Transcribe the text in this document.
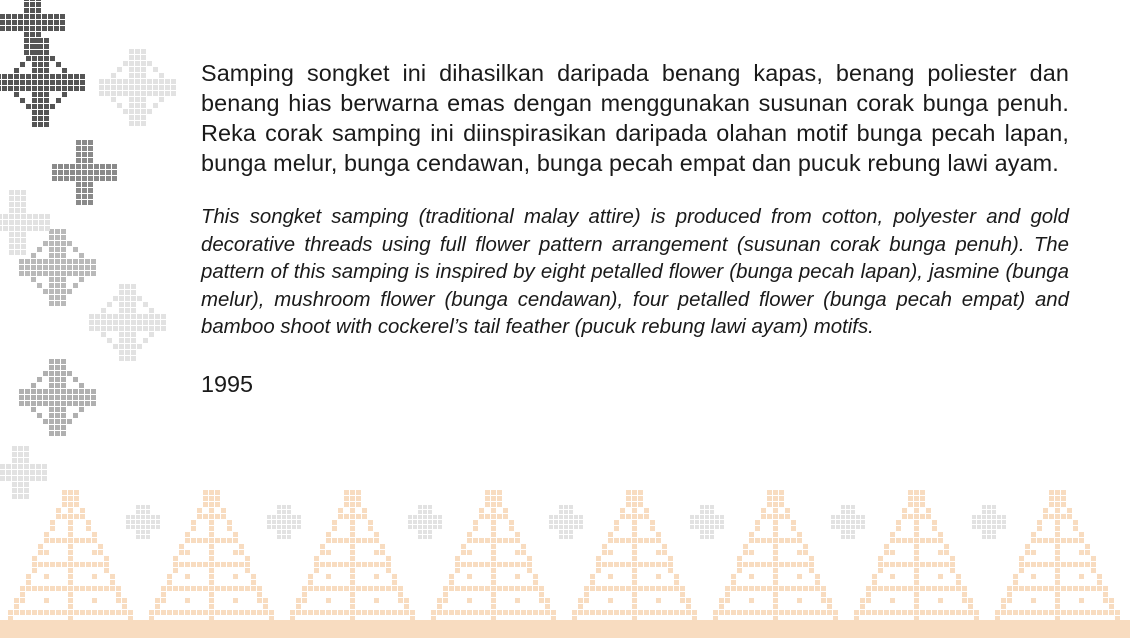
Samping songket ini dihasilkan daripada benang kapas, benang poliester dan benang hias berwarna emas dengan menggunakan susunan corak bunga penuh. Reka corak samping ini diinspirasikan daripada olahan motif bunga pecah lapan, bunga melur, bunga cendawan, bunga pecah empat dan pucuk rebung lawi ayam.

This songket samping (traditional malay attire) is produced from cotton, polyester and gold decorative threads using full flower pattern arrangement (susunan corak bunga penuh). The pattern of this samping is inspired by eight petalled flower (bunga pecah lapan), jasmine (bunga melur), mushroom flower (bunga cendawan), four petalled flower (bunga pecah empat) and bamboo shoot with cockerel’s tail feather (pucuk rebung lawi ayam) motifs.

1995
